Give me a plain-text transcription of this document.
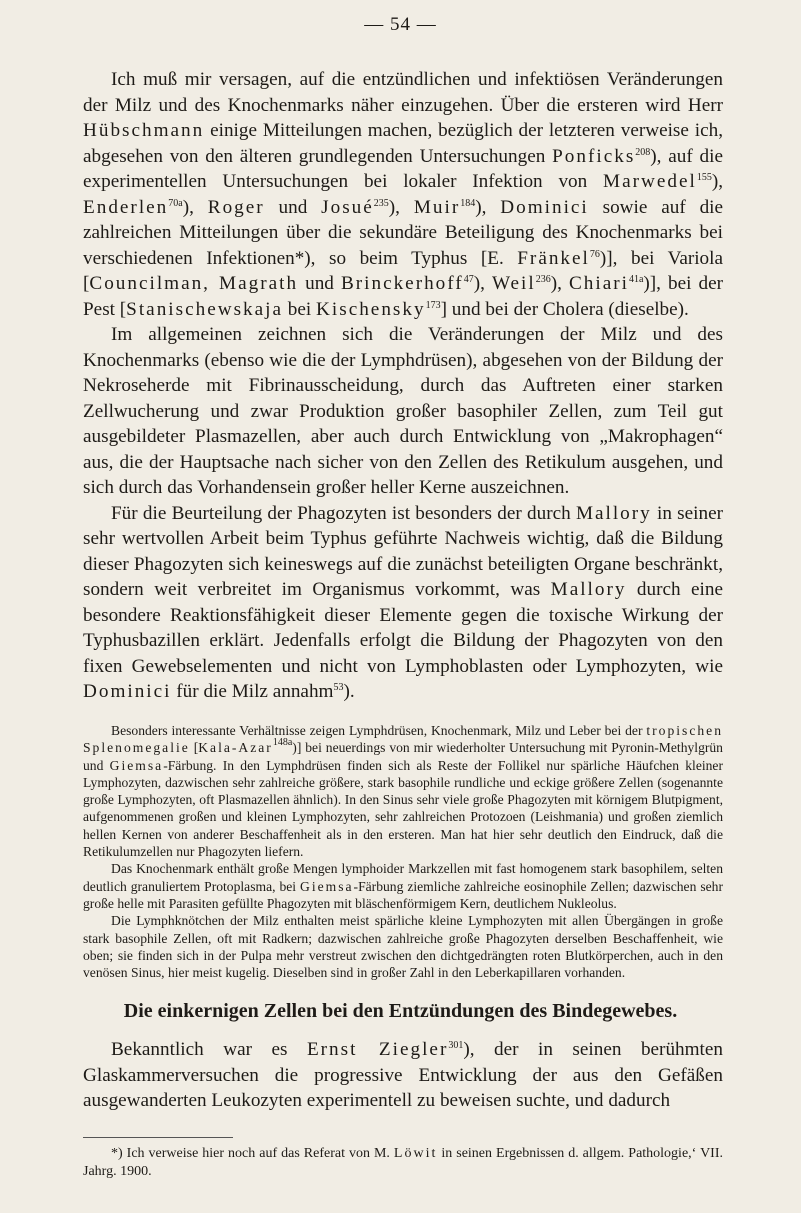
— 54 —

Ich muß mir versagen, auf die entzündlichen und infektiösen Veränderungen der Milz und des Knochenmarks näher einzugehen. Über die ersteren wird Herr Hübschmann einige Mitteilungen machen, bezüglich der letzteren verweise ich, abgesehen von den älteren grundlegenden Untersuchungen Ponficks$^{208}$), auf die experimentellen Untersuchungen bei lokaler Infektion von Marwedel$^{155}$), Enderlen$^{70a}$), Roger und Josué$^{235}$), Muir$^{184}$), Dominici sowie auf die zahlreichen Mitteilungen über die sekundäre Beteiligung des Knochenmarks bei verschiedenen Infektionen*), so beim Typhus [E. Fränkel$^{76}$)], bei Variola [Councilman, Magrath und Brinckerhoff$^{47}$), Weil$^{236}$), Chiari$^{41a}$)], bei der Pest [Stanischewskaja bei Kischensky$^{173}$] und bei der Cholera (dieselbe).

Im allgemeinen zeichnen sich die Veränderungen der Milz und des Knochenmarks (ebenso wie die der Lymphdrüsen), abgesehen von der Bildung der Nekroseherde mit Fibrinausscheidung, durch das Auftreten einer starken Zellwucherung und zwar Produktion großer basophiler Zellen, zum Teil gut ausgebildeter Plasmazellen, aber auch durch Entwicklung von „Makrophagen“ aus, die der Hauptsache nach sicher von den Zellen des Retikulum ausgehen, und sich durch das Vorhandensein großer heller Kerne auszeichnen.

Für die Beurteilung der Phagozyten ist besonders der durch Mallory in seiner sehr wertvollen Arbeit beim Typhus geführte Nachweis wichtig, daß die Bildung dieser Phagozyten sich keineswegs auf die zunächst beteiligten Organe beschränkt, sondern weit verbreitet im Organismus vorkommt, was Mallory durch eine besondere Reaktionsfähigkeit dieser Elemente gegen die toxische Wirkung der Typhusbazillen erklärt. Jedenfalls erfolgt die Bildung der Phagozyten von den fixen Gewebselementen und nicht von Lymphoblasten oder Lymphozyten, wie Dominici für die Milz annahm$^{53}$).

Besonders interessante Verhältnisse zeigen Lymphdrüsen, Knochenmark, Milz und Leber bei der tropischen Splenomegalie [Kala-Azar$^{148a}$)] bei neuerdings von mir wiederholter Untersuchung mit Pyronin-Methylgrün und Giemsa-Färbung. In den Lymphdrüsen finden sich als Reste der Follikel nur spärliche Häufchen kleiner Lymphozyten, dazwischen sehr zahlreiche größere, stark basophile rundliche und eckige größere Zellen (sogenannte große Lymphozyten, oft Plasmazellen ähnlich). In den Sinus sehr viele große Phagozyten mit körnigem Blutpigment, aufgenommenen großen und kleinen Lymphozyten, sehr zahlreichen Protozoen (Leishmania) und großen ziemlich hellen Kernen von anderer Beschaffenheit als in den ersteren. Man hat hier sehr deutlich den Eindruck, daß die Retikulumzellen nur Phagozyten liefern.

Das Knochenmark enthält große Mengen lymphoider Markzellen mit fast homogenem stark basophilem, selten deutlich granuliertem Protoplasma, bei Giemsa-Färbung ziemliche zahlreiche eosinophile Zellen; dazwischen sehr große helle mit Parasiten gefüllte Phagozyten mit bläschenförmigem Kern, deutlichem Nukleolus.

Die Lymphknötchen der Milz enthalten meist spärliche kleine Lymphozyten mit allen Übergängen in große stark basophile Zellen, oft mit Radkern; dazwischen zahlreiche große Phagozyten derselben Beschaffenheit, wie oben; sie finden sich in der Pulpa mehr verstreut zwischen den dichtgedrängten roten Blutkörperchen, auch in den venösen Sinus, hier meist kugelig. Dieselben sind in großer Zahl in den Leberkapillaren vorhanden.

Die einkernigen Zellen bei den Entzündungen des Bindegewebes.

Bekanntlich war es Ernst Ziegler$^{301}$), der in seinen berühmten Glaskammerversuchen die progressive Entwicklung der aus den Gefäßen ausgewanderten Leukozyten experimentell zu beweisen suchte, und dadurch

*) Ich verweise hier noch auf das Referat von M. Löwit in seinen Ergebnissen d. allgem. Pathologie,‘ VII. Jahrg. 1900.
